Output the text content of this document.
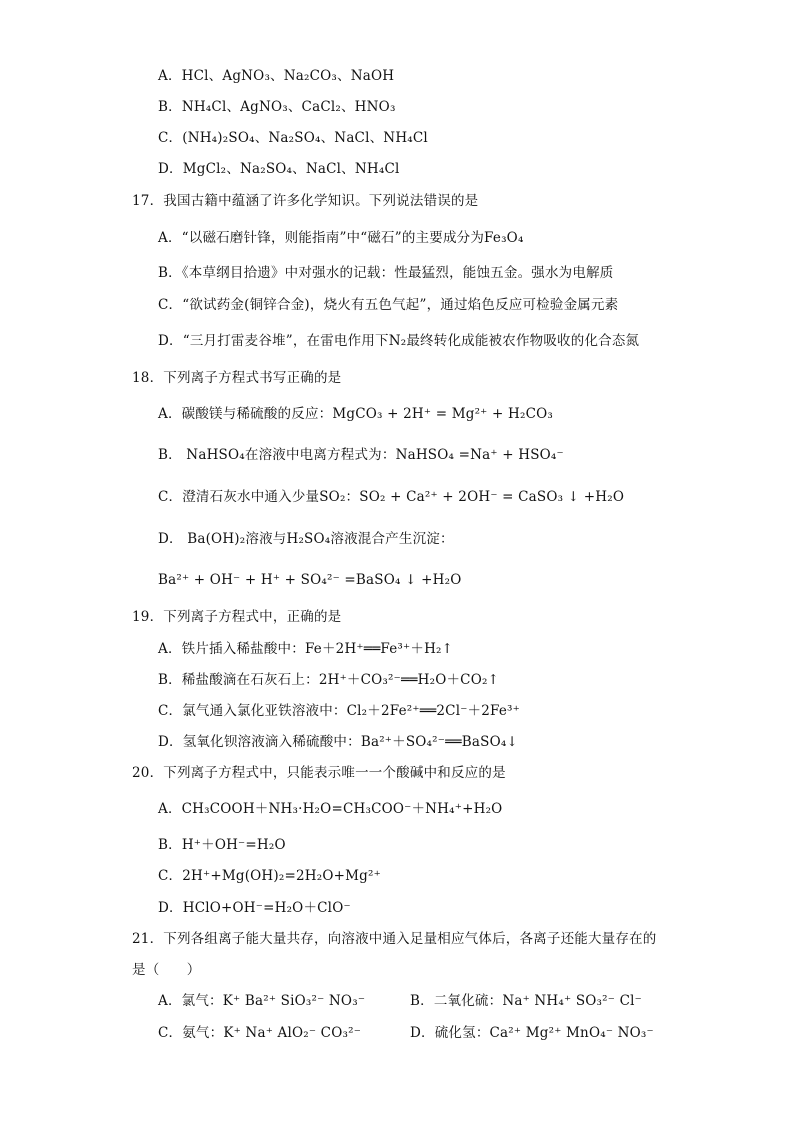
A．HCl、AgNO₃、Na₂CO₃、NaOH
B．NH₄Cl、AgNO₃、CaCl₂、HNO₃
C．(NH₄)₂SO₄、Na₂SO₄、NaCl、NH₄Cl
D．MgCl₂、Na₂SO₄、NaCl、NH₄Cl
17．我国古籍中蕴涵了许多化学知识。下列说法错误的是
A．“以磁石磨针锋，则能指南”中“磁石”的主要成分为Fe₃O₄
B．《本草纲目拾遗》中对强水的记载：性最猛烈，能蚀五金。强水为电解质
C．“欲试药金(铜锌合金)，烧火有五色气起”，通过焰色反应可检验金属元素
D．“三月打雷麦谷堆”，在雷电作用下N₂最终转化成能被农作物吸收的化合态氮
18．下列离子方程式书写正确的是
A．碳酸镁与稀硫酸的反应：MgCO₃ + 2H⁺ = Mg²⁺ + H₂CO₃
B． NaHSO₄在溶液中电离方程式为：NaHSO₄ =Na⁺ + HSO₄⁻
C．澄清石灰水中通入少量SO₂：SO₂ + Ca²⁺ + 2OH⁻ = CaSO₃ ↓ +H₂O
D． Ba(OH)₂溶液与H₂SO₄溶液混合产生沉淀：
Ba²⁺ + OH⁻ + H⁺ + SO₄²⁻ =BaSO₄ ↓ +H₂O
19．下列离子方程式中，正确的是
A．铁片插入稀盐酸中：Fe＋2H⁺══Fe³⁺＋H₂↑
B．稀盐酸滴在石灰石上：2H⁺＋CO₃²⁻══H₂O＋CO₂↑
C．氯气通入氯化亚铁溶液中：Cl₂＋2Fe²⁺══2Cl⁻＋2Fe³⁺
D．氢氧化钡溶液滴入稀硫酸中：Ba²⁺＋SO₄²⁻══BaSO₄↓
20．下列离子方程式中，只能表示唯一一个酸碱中和反应的是
A．CH₃COOH＋NH₃·H₂O=CH₃COO⁻＋NH₄⁺+H₂O
B．H⁺＋OH⁻=H₂O
C．2H⁺+Mg(OH)₂=2H₂O+Mg²⁺
D．HClO+OH⁻=H₂O＋ClO⁻
21．下列各组离子能大量共存，向溶液中通入足量相应气体后，各离子还能大量存在的
是（　　）
A．氯气：K⁺ Ba²⁺ SiO₃²⁻ NO₃⁻	B．二氧化硫：Na⁺ NH₄⁺ SO₃²⁻ Cl⁻
C．氨气：K⁺ Na⁺ AlO₂⁻ CO₃²⁻	D．硫化氢：Ca²⁺ Mg²⁺ MnO₄⁻ NO₃⁻
